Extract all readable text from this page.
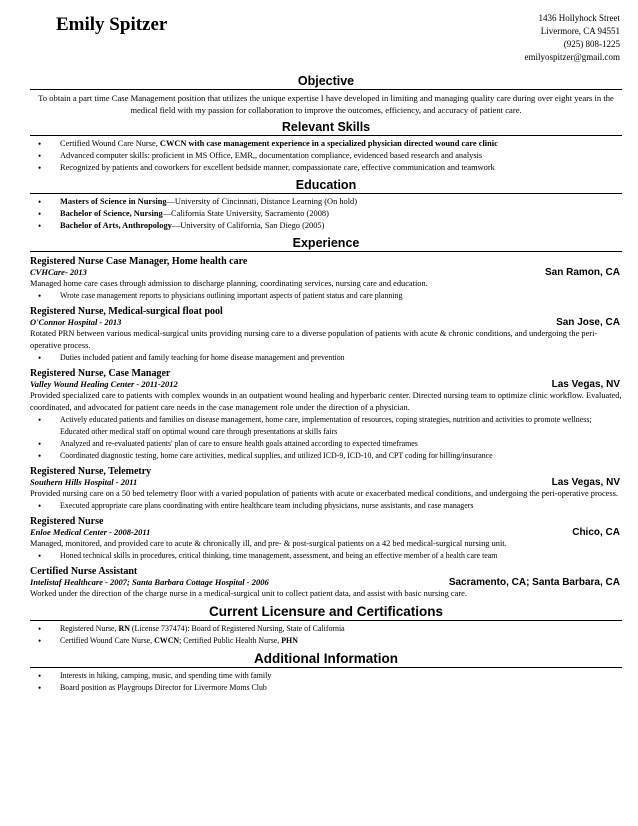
Emily Spitzer	1436 Hollyhock Street
Livermore, CA 94551
(925) 808-1225
emilyospitzer@gmail.com
Objective
To obtain a part time Case Management position that utilizes the unique expertise I have developed in limiting and managing quality care during over eight years in the medical field with my passion for collaboration to improve the outcomes, efficiency, and accuracy of patient care.
Relevant Skills
• Certified Wound Care Nurse, CWCN with case management experience in a specialized physician directed wound care clinic
• Advanced computer skills: proficient in MS Office, EMR,, documentation compliance, evidenced based research and analysis
• Recognized by patients and coworkers for excellent bedside manner, compassionate care, effective communication and teamwork
Education
• Masters of Science in Nursing—University of Cincinnati, Distance Learning (On hold)
• Bachelor of Science, Nursing—California State University, Sacramento (2008)
• Bachelor of Arts, Anthropology—University of California, San Diego (2005)
Experience
Registered Nurse Case Manager, Home health care
CVHCare- 2013	San Ramon, CA
Managed home care cases through admission to discharge planning, coordinating services, nursing care and education.
• Wrote case management reports to physicians outlining important aspects of patient status and care planning
Registered Nurse, Medical-surgical float pool
O'Connor Hospital - 2013	San Jose, CA
Rotated PRN between various medical-surgical units providing nursing care to a diverse population of patients with acute & chronic conditions, and undergoing the peri-operative process.
• Duties included patient and family teaching for home disease management and prevention
Registered Nurse, Case Manager
Valley Wound Healing Center - 2011-2012	Las Vegas, NV
Provided specialized care to patients with complex wounds in an outpatient wound healing and hyperbaric center. Directed nursing team to optimize clinic workflow. Evaluated, coordinated, and advocated for patient care needs in the case management role under the direction of a physician.
• Actively educated patients and families on disease management, home care, implementation of resources, coping strategies, nutrition and activities to promote wellness; Educated other medical staff on optimal wound care through presentations at skills fairs
• Analyzed and re-evaluated patients' plan of care to ensure health goals attained according to expected timeframes
• Coordinated diagnostic testing, home care activities, medical supplies, and utilized ICD-9, ICD-10, and CPT coding for billing/insurance
Registered Nurse, Telemetry
Southern Hills Hospital - 2011	Las Vegas, NV
Provided nursing care on a 50 bed telemetry floor with a varied population of patients with acute or exacerbated medical conditions, and undergoing the peri-operative process.
• Executed appropriate care plans coordinating with entire healthcare team including physicians, nurse assistants, and case managers
Registered Nurse
Enloe Medical Center - 2008-2011	Chico, CA
Managed, monitored, and provided care to acute & chronically ill, and pre- & post-surgical patients on a 42 bed medical-surgical nursing unit.
• Honed technical skills in procedures, critical thinking, time management, assessment, and being an effective member of a health care team
Certified Nurse Assistant
Intelistaf Healthcare - 2007; Santa Barbara Cottage Hospital - 2006	Sacramento, CA; Santa Barbara, CA
Worked under the direction of the charge nurse in a medical-surgical unit to collect patient data, and assist with basic nursing care.
Current Licensure and Certifications
• Registered Nurse, RN (License 737474): Board of Registered Nursing, State of California
• Certified Wound Care Nurse, CWCN; Certified Public Health Nurse, PHN
Additional Information
• Interests in hiking, camping, music, and spending time with family
• Board position as Playgroups Director for Livermore Moms Club
